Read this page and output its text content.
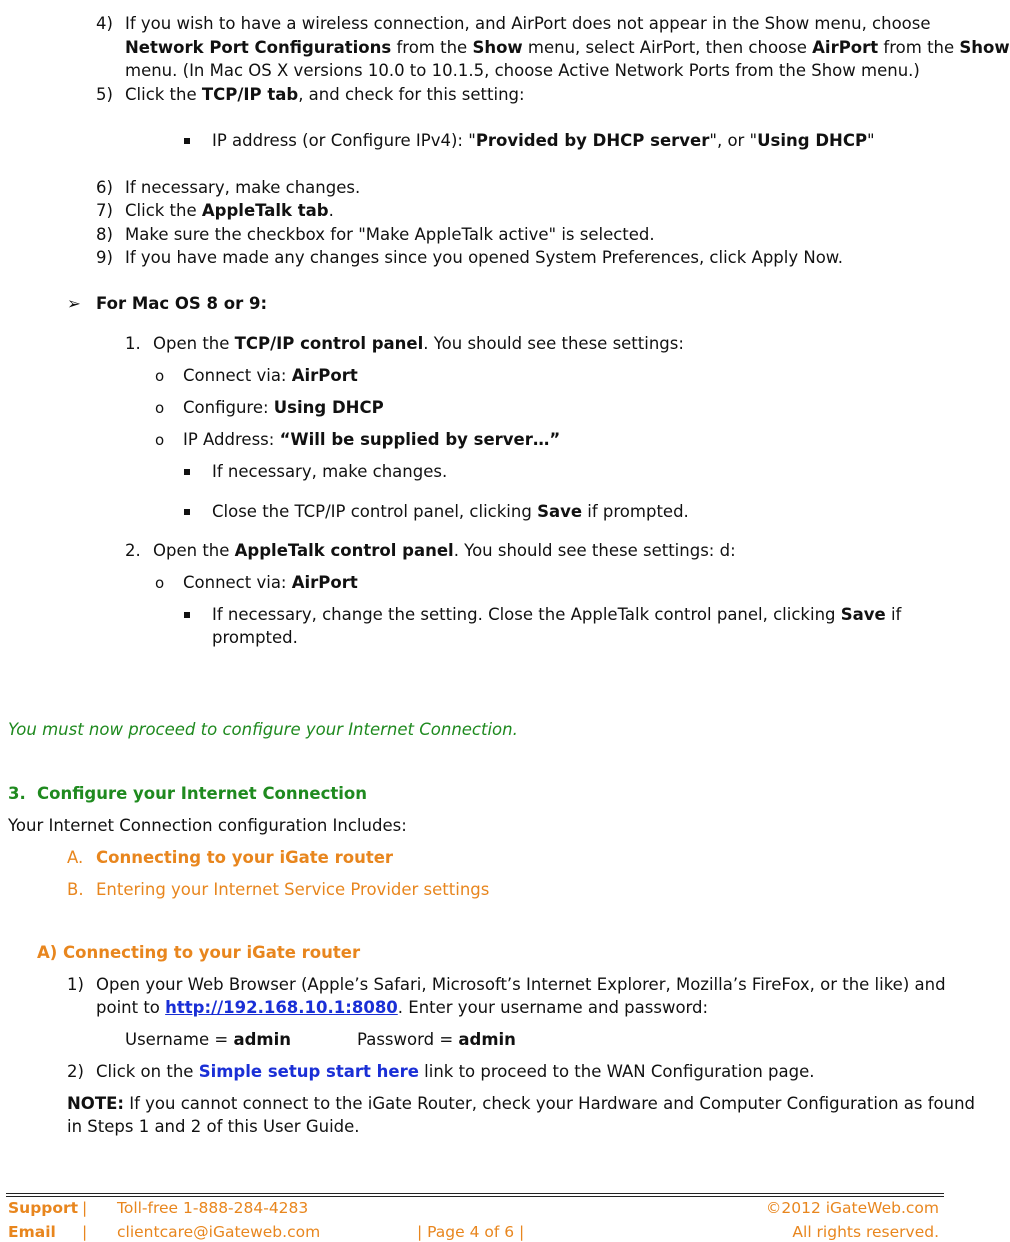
4) If you wish to have a wireless connection, and AirPort does not appear in the Show menu, choose
Network Port Configurations from the Show menu, select AirPort, then choose AirPort from the Show
menu. (In Mac OS X versions 10.0 to 10.1.5, choose Active Network Ports from the Show menu.)
5) Click the TCP/IP tab, and check for this setting:
IP address (or Configure IPv4): "Provided by DHCP server", or "Using DHCP"
6) If necessary, make changes.
7) Click the AppleTalk tab.
8) Make sure the checkbox for "Make AppleTalk active" is selected.
9) If you have made any changes since you opened System Preferences, click Apply Now.
➢ For Mac OS 8 or 9:
1. Open the TCP/IP control panel. You should see these settings:
o Connect via: AirPort
o Configure: Using DHCP
o IP Address: “Will be supplied by server…”
If necessary, make changes.
Close the TCP/IP control panel, clicking Save if prompted.
2. Open the AppleTalk control panel. You should see these settings: d:
o Connect via: AirPort
If necessary, change the setting. Close the AppleTalk control panel, clicking Save if
prompted.
You must now proceed to configure your Internet Connection.
3. Configure your Internet Connection
Your Internet Connection configuration Includes:
A. Connecting to your iGate router
B. Entering your Internet Service Provider settings
A) Connecting to your iGate router
1) Open your Web Browser (Apple’s Safari, Microsoft’s Internet Explorer, Mozilla’s FireFox, or the like) and
point to http://192.168.10.1:8080. Enter your username and password:
Username = admin	Password = admin
2) Click on the Simple setup start here link to proceed to the WAN Configuration page.
NOTE: If you cannot connect to the iGate Router, check your Hardware and Computer Configuration as found
in Steps 1 and 2 of this User Guide.
Support | Toll-free 1-888-284-4283	©2012 iGateWeb.com
Email | clientcare@iGateweb.com	| Page 4 of 6 |	All rights reserved.
